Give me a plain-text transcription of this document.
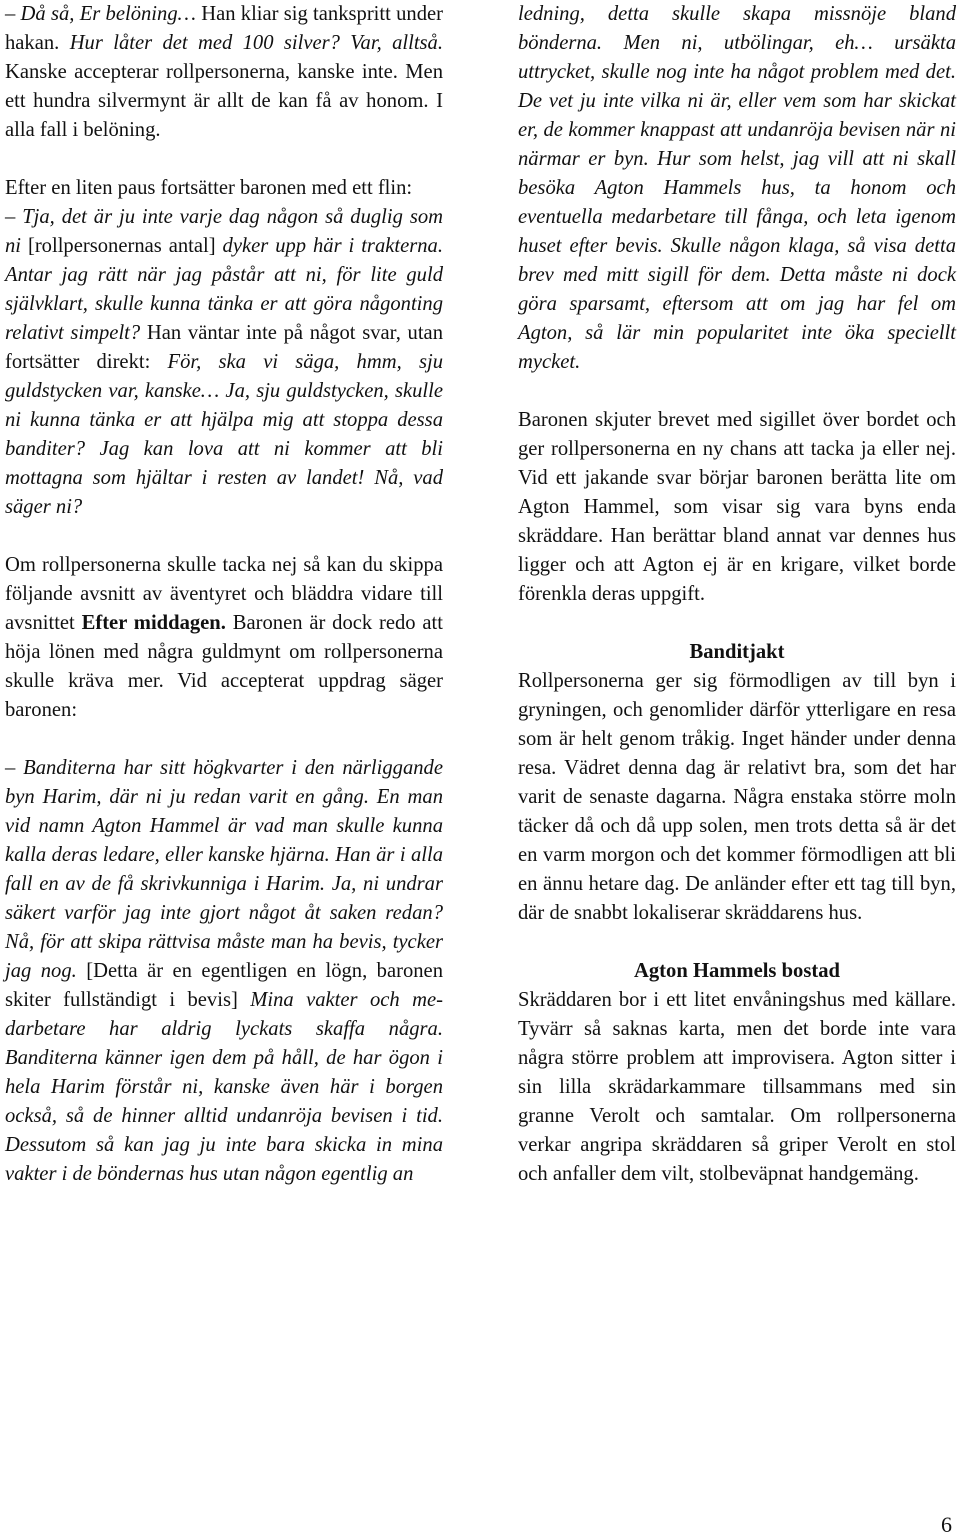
– Då så, Er belöning… Han kliar sig tankspritt under hakan. Hur låter det med 100 silver? Var, alltså. Kanske accepterar rollpersonerna, kanske inte. Men ett hundra silvermynt är allt de kan få av honom. I alla fall i belöning.

Efter en liten paus fortsätter baronen med ett flin:

– Tja, det är ju inte varje dag någon så duglig som ni [rollpersonernas antal] dyker upp här i trakterna. Antar jag rätt när jag påstår att ni, för lite guld självklart, skulle kunna tänka er att göra någonting relativt simpelt? Han väntar inte på något svar, utan fortsätter direkt: För, ska vi säga, hmm, sju guldstycken var, kanske… Ja, sju guldstycken, skulle ni kunna tänka er att hjälpa mig att stoppa dessa banditer? Jag kan lova att ni kommer att bli mottagna som hjältar i resten av landet! Nå, vad säger ni?

Om rollpersonerna skulle tacka nej så kan du skippa följande avsnitt av äventyret och bläddra vidare till avsnittet Efter middagen. Baronen är dock redo att höja lönen med några guldmynt om rollpersonerna skulle kräva mer. Vid accepterat uppdrag säger baronen:

– Banditerna har sitt högkvarter i den närliggande byn Harim, där ni ju redan varit en gång. En man vid namn Agton Hammel är vad man skulle kunna kalla deras ledare, eller kanske hjärna. Han är i alla fall en av de få skrivkunniga i Harim. Ja, ni undrar säkert varför jag inte gjort något åt saken redan? Nå, för att skipa rättvisa måste man ha bevis, tycker jag nog. [Detta är en egentligen en lögn, baronen skiter fullständigt i bevis] Mina vakter och medarbetare har aldrig lyckats skaffa några. Banditerna känner igen dem på håll, de har ögon i hela Harim förstår ni, kanske även här i borgen också, så de hinner alltid undanröja bevisen i tid. Dessutom så kan jag ju inte bara skicka in mina vakter i de böndernas hus utan någon egentlig an

ledning, detta skulle skapa missnöje bland bönderna. Men ni, utbölingar, eh… ursäkta uttrycket, skulle nog inte ha något problem med det. De vet ju inte vilka ni är, eller vem som har skickat er, de kommer knappast att undanröja bevisen när ni närmar er byn. Hur som helst, jag vill att ni skall besöka Agton Hammels hus, ta honom och eventuella medarbetare till fånga, och leta igenom huset efter bevis. Skulle någon klaga, så visa detta brev med mitt sigill för dem. Detta måste ni dock göra sparsamt, eftersom att om jag har fel om Agton, så lär min popularitet inte öka speciellt mycket.

Baronen skjuter brevet med sigillet över bordet och ger rollpersonerna en ny chans att tacka ja eller nej. Vid ett jakande svar börjar baronen berätta lite om Agton Hammel, som visar sig vara byns enda skräddare. Han berättar bland annat var dennes hus ligger och att Agton ej är en krigare, vilket borde förenkla deras uppgift.

Banditjakt

Rollpersonerna ger sig förmodligen av till byn i gryningen, och genomlider därför ytterligare en resa som är helt genom tråkig. Inget händer under denna resa. Vädret denna dag är relativt bra, som det har varit de senaste dagarna. Några enstaka större moln täcker då och då upp solen, men trots detta så är det en varm morgon och det kommer förmodligen att bli en ännu hetare dag. De anländer efter ett tag till byn, där de snabbt lokaliserar skräddarens hus.

Agton Hammels bostad

Skräddaren bor i ett litet envåningshus med källare. Tyvärr så saknas karta, men det borde inte vara några större problem att improvisera. Agton sitter i sin lilla skrädarkammare tillsammans med sin granne Verolt och samtalar. Om rollpersonerna verkar angripa skräddaren så griper Verolt en stol och anfaller dem vilt, stolbeväpnat handgemäng.

6
